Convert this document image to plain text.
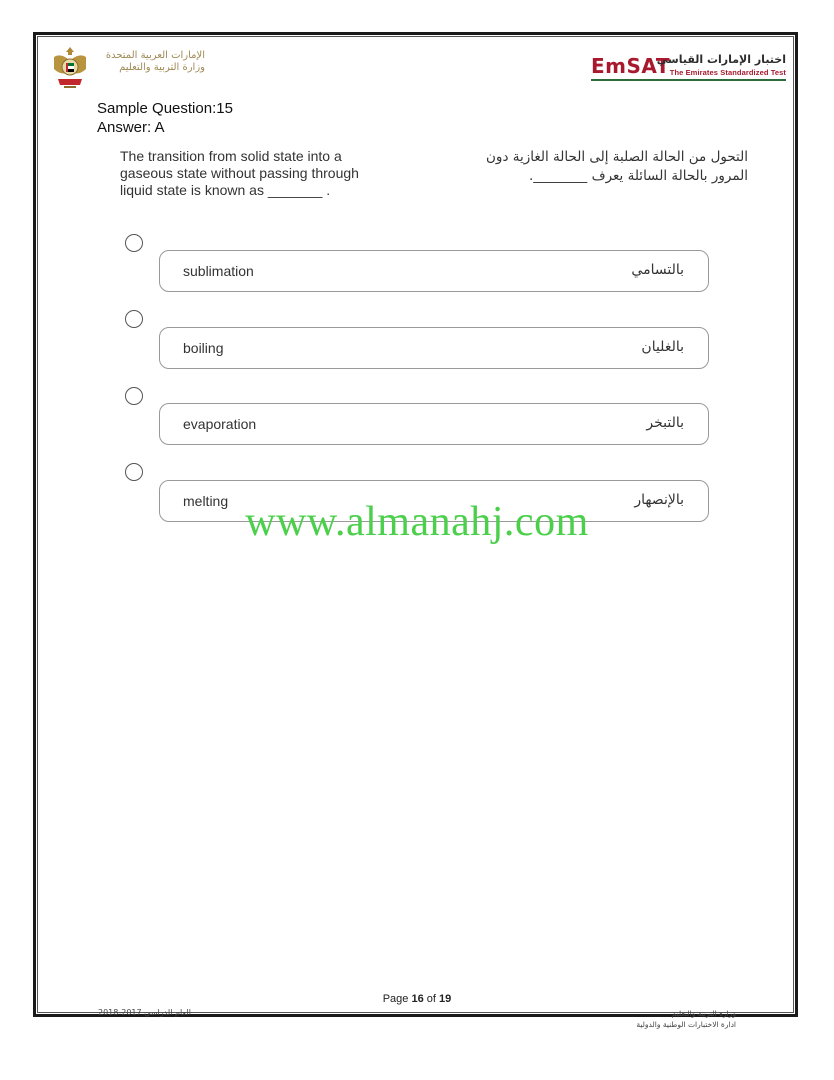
الإمارات العربية المتحدة
وزارة التربية والتعليم	EmSAT
اختبار الإمارات القياسي
The Emirates Standardized Test
Sample Question:15
Answer: A
The transition from solid state into a gaseous state without passing through liquid state is known as _______ .
التحول من الحالة الصلبة إلى الحالة الغازية دون المرور بالحالة السائلة يعرف ________.
sublimation	بالتسامي
boiling	بالغليان
evaporation	بالتبخر
melting	بالإنصهار
www.almanahj.com
Page 16 of 19
العام الدراسي 2017-2018	وزارة التربية والتعليم
ادارة الاختبارات الوطنية والدولية
